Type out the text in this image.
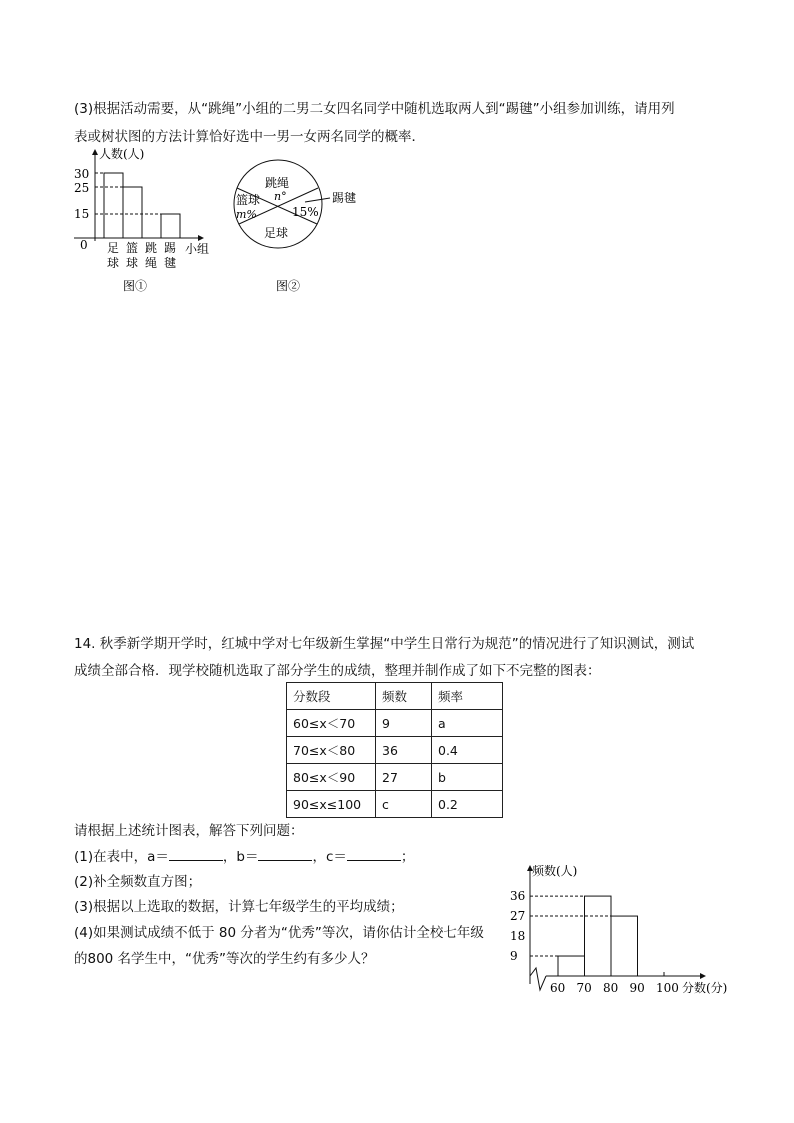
(3)根据活动需要，从“跳绳”小组的二男二女四名同学中随机选取两人到“踢毽”小组参加训练，请用列
表或树状图的方法计算恰好选中一男一女两名同学的概率．
人数(人)
小组
30
25
15
0 足
球
篮
球
跳
绳
踢
毽
图①
跳绳
n°
篮球
m%	15%
踢毽
足球
图②
14. 秋季新学期开学时，红城中学对七年级新生掌握“中学生日常行为规范”的情况进行了知识测试，测试
成绩全部合格．现学校随机选取了部分学生的成绩，整理并制作成了如下不完整的图表：
分数段	频数	频率
60≤x＜70	9	a
70≤x＜80	36	0.4
80≤x＜90	27	b
90≤x≤100	c	0.2
请根据上述统计图表，解答下列问题：
(1)在表中，a＝	，b＝	，c＝	；
(2)补全频数直方图；
(3)根据以上选取的数据，计算七年级学生的平均成绩；
(4)如果测试成绩不低于 80 分者为“优秀”等次，请你估计全校七年级
的800 名学生中，“优秀”等次的学生约有多少人？
频数(人)
分数(分)
9
18
27
36
60 70 80 90 100
